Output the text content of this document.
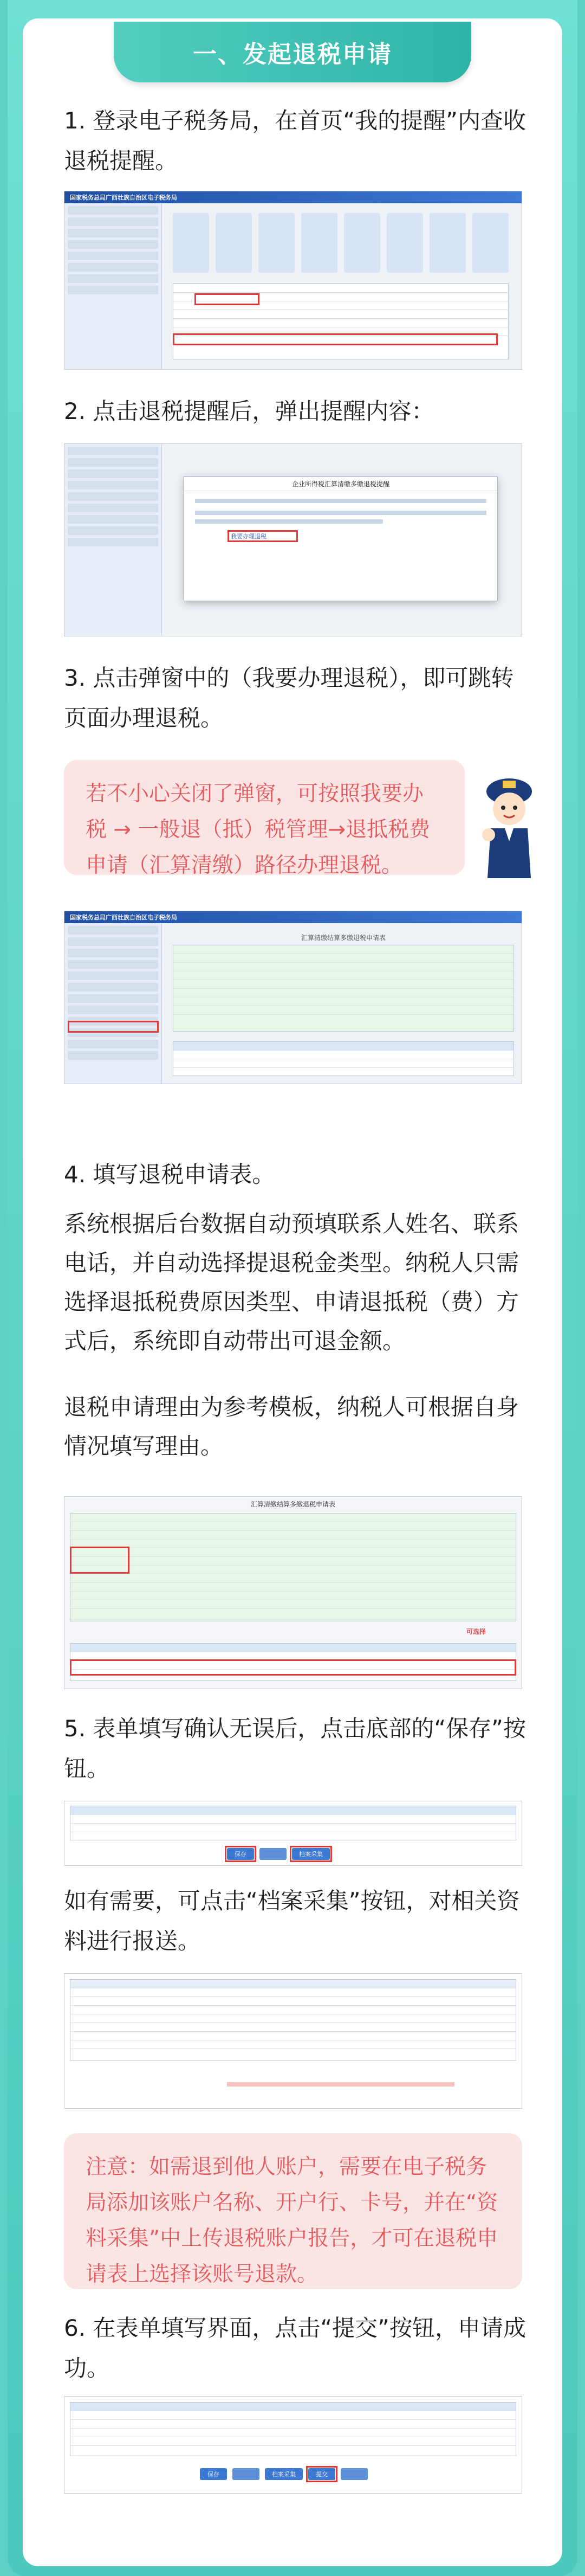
一、发起退税申请
1. 登录电子税务局，在首页“我的提醒”内查收退税提醒。
国家税务总局广西壮族自治区电子税务局
2. 点击退税提醒后，弹出提醒内容：
企业所得税汇算清缴多缴退税提醒
我要办理退税
3. 点击弹窗中的（我要办理退税），即可跳转页面办理退税。
若不小心关闭了弹窗，可按照我要办税 → 一般退（抵）税管理→退抵税费申请（汇算清缴）路径办理退税。
国家税务总局广西壮族自治区电子税务局
汇算清缴结算多缴退税申请表
4. 填写退税申请表。
系统根据后台数据自动预填联系人姓名、联系电话，并自动选择提退税金类型。纳税人只需选择退抵税费原因类型、申请退抵税（费）方式后，系统即自动带出可退金额。
退税申请理由为参考模板，纳税人可根据自身情况填写理由。
汇算清缴结算多缴退税申请表
可选择
5. 表单填写确认无误后，点击底部的“保存”按钮。
保存	档案采集
如有需要，可点击“档案采集”按钮，对相关资料进行报送。
注意：如需退到他人账户，需要在电子税务局添加该账户名称、开户行、卡号，并在“资料采集”中上传退税账户报告，才可在退税申请表上选择该账号退款。
6. 在表单填写界面，点击“提交”按钮，申请成功。
保存	档案采集	提交
